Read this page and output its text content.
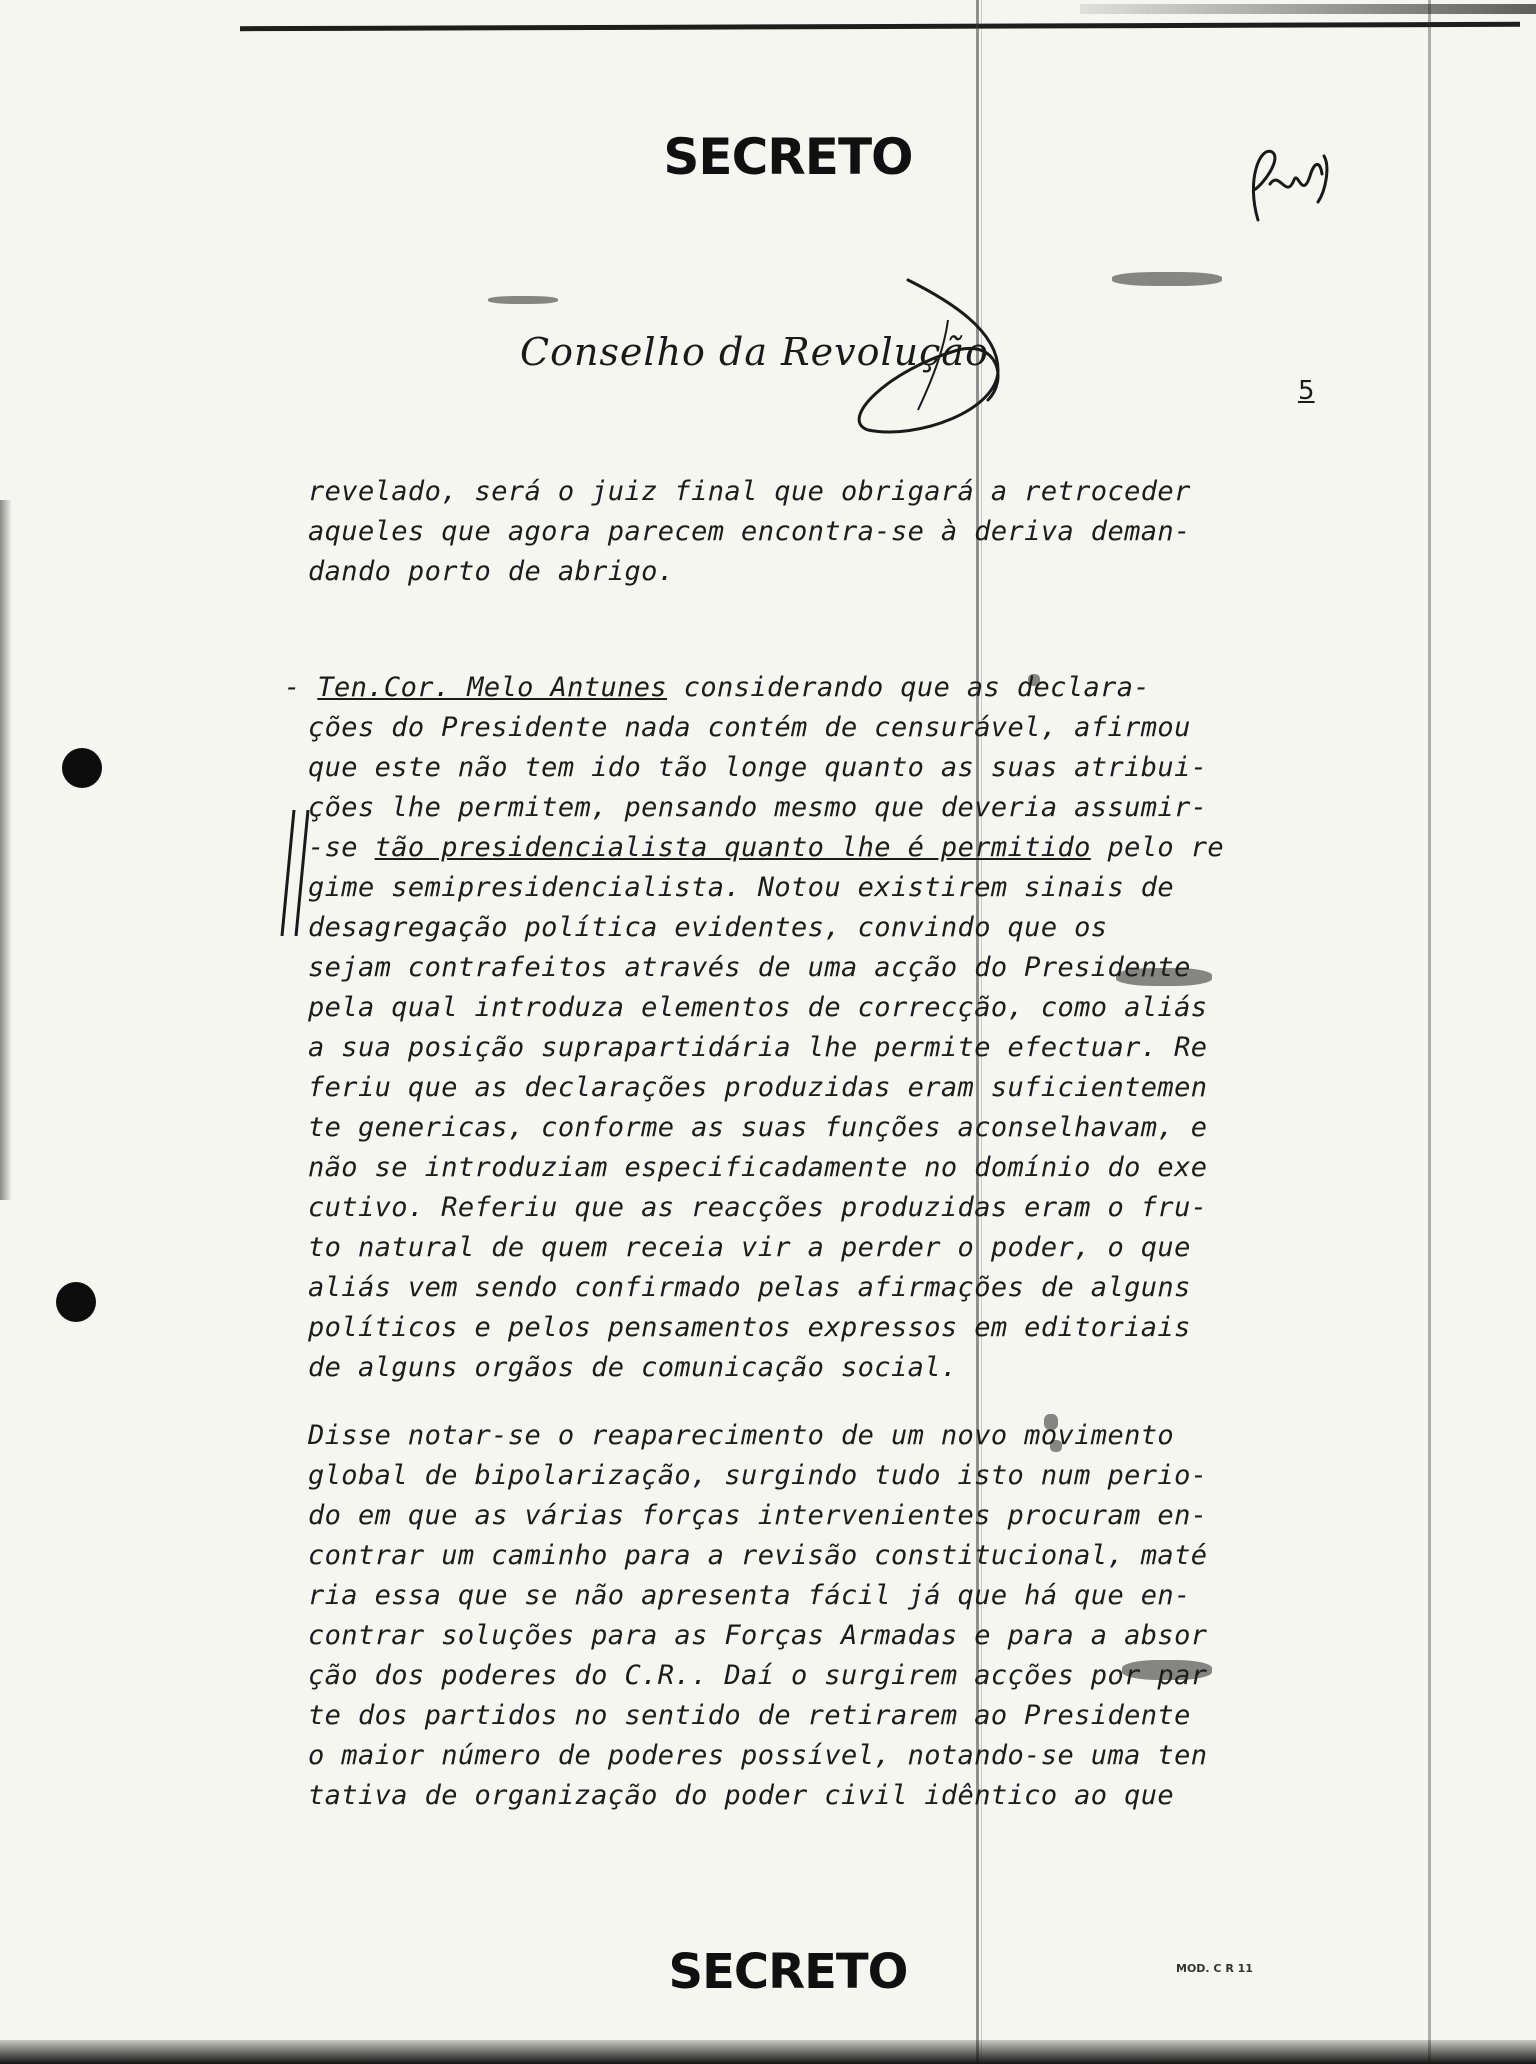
SECRETO
Conselho da Revolução
5
revelado, será o juiz final que obrigará a retroceder
aqueles que agora parecem encontra-se à deriva deman-
dando porto de abrigo.
- Ten.Cor. Melo Antunes considerando que as declara-
ções do Presidente nada contém de censurável, afirmou
que este não tem ido tão longe quanto as suas atribui-
ções lhe permitem, pensando mesmo que deveria assumir-
-se tão presidencialista quanto lhe é permitido pelo re
gime semipresidencialista. Notou existirem sinais de
desagregação política evidentes, convindo que os
sejam contrafeitos através de uma acção do Presidente
pela qual introduza elementos de correcção, como aliás
a sua posição suprapartidária lhe permite efectuar. Re
feriu que as declarações produzidas eram suficientemen
te genericas, conforme as suas funções aconselhavam, e
não se introduziam especificadamente no domínio do exe
cutivo. Referiu que as reacções produzidas eram o fru-
to natural de quem receia vir a perder o poder, o que
aliás vem sendo confirmado pelas afirmações de alguns
políticos e pelos pensamentos expressos em editoriais
de alguns orgãos de comunicação social.
Disse notar-se o reaparecimento de um novo movimento
global de bipolarização, surgindo tudo isto num perio-
do em que as várias forças intervenientes procuram en-
contrar um caminho para a revisão constitucional, maté
ria essa que se não apresenta fácil já que há que en-
contrar soluções para as Forças Armadas e para a absor
ção dos poderes do C.R.. Daí o surgirem acções por par
te dos partidos no sentido de retirarem ao Presidente
o maior número de poderes possível, notando-se uma ten
tativa de organização do poder civil idêntico ao que
SECRETO	MOD. C R 11
